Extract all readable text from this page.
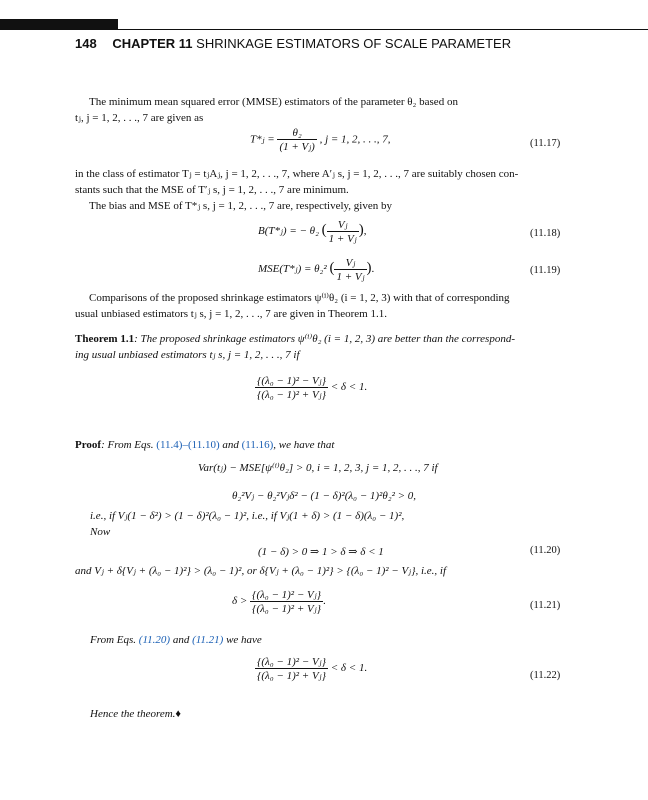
148 CHAPTER 11 SHRINKAGE ESTIMATORS OF SCALE PARAMETER
The minimum mean squared error (MMSE) estimators of the parameter θ₂ based on
tⱼ, j = 1, 2, . . ., 7 are given as
T*ⱼ = $\frac{\text{θ₂}}{\text{(1 + Vⱼ)}}$ , j = 1, 2, . . ., 7,	(11.17)
in the class of estimator Tⱼ = tⱼAⱼ, j = 1, 2, . . ., 7, where A′ⱼ s, j = 1, 2, . . ., 7 are suitably chosen con-
stants such that the MSE of T′ⱼ s, j = 1, 2, . . ., 7 are minimum.
The bias and MSE of T*ⱼ s, j = 1, 2, . . ., 7 are, respectively, given by
B(T*ⱼ) = − θ₂ ( $\frac{\text{Vⱼ}}{\text{1 + Vⱼ}}$ ),	(11.18)
MSE(T*ⱼ) = θ₂² ( $\frac{\text{Vⱼ}}{\text{1 + Vⱼ}}$ ).	(11.19)
Comparisons of the proposed shrinkage estimators ψ⁽ⁱ⁾θ₂ (i = 1, 2, 3) with that of corresponding
usual unbiased estimators tⱼ s, j = 1, 2, . . ., 7 are given in Theorem 1.1.
Theorem 1.1: The proposed shrinkage estimators ψ⁽ⁱ⁾θ₂ (i = 1, 2, 3) are better than the correspond-
ing usual unbiased estimators tⱼ s, j = 1, 2, . . ., 7 if
$\frac{\text{\{(λ₀ − 1)² − Vⱼ\}}}{\text{\{(λ₀ − 1)² + Vⱼ\}}} < \delta < 1$.
Proof: From Eqs. (11.4)–(11.10) and (11.16), we have that
Var(tⱼ) − MSE[ψ⁽ⁱ⁾θ₂] > 0, i = 1, 2, 3, j = 1, 2, . . ., 7 if
θ₂²Vⱼ − θ₂²Vⱼδ² − (1 − δ)²(λ₀ − 1)²θ₂² > 0,
i.e., if Vⱼ(1 − δ²) > (1 − δ)²(λ₀ − 1)², i.e., if Vⱼ(1 + δ) > (1 − δ)(λ₀ − 1)²,
Now
(1 − δ) > 0 ⇒ 1 > δ ⇒ δ < 1	(11.20)
and Vⱼ + δ{Vⱼ + (λ₀ − 1)²} > (λ₀ − 1)², or δ{Vⱼ + (λ₀ − 1)²} > {(λ₀ − 1)² − Vⱼ}, i.e., if
$\delta > \frac{\text{\{(λ₀ − 1)² − Vⱼ\}}}{\text{\{(λ₀ − 1)² + Vⱼ\}}}$ .	(11.21)
From Eqs. (11.20) and (11.21) we have
$\frac{\text{\{(λ₀ − 1)² − Vⱼ\}}}{\text{\{(λ₀ − 1)² + Vⱼ\}}} < \delta < 1$.
(11.22)
Hence the theorem.♦
